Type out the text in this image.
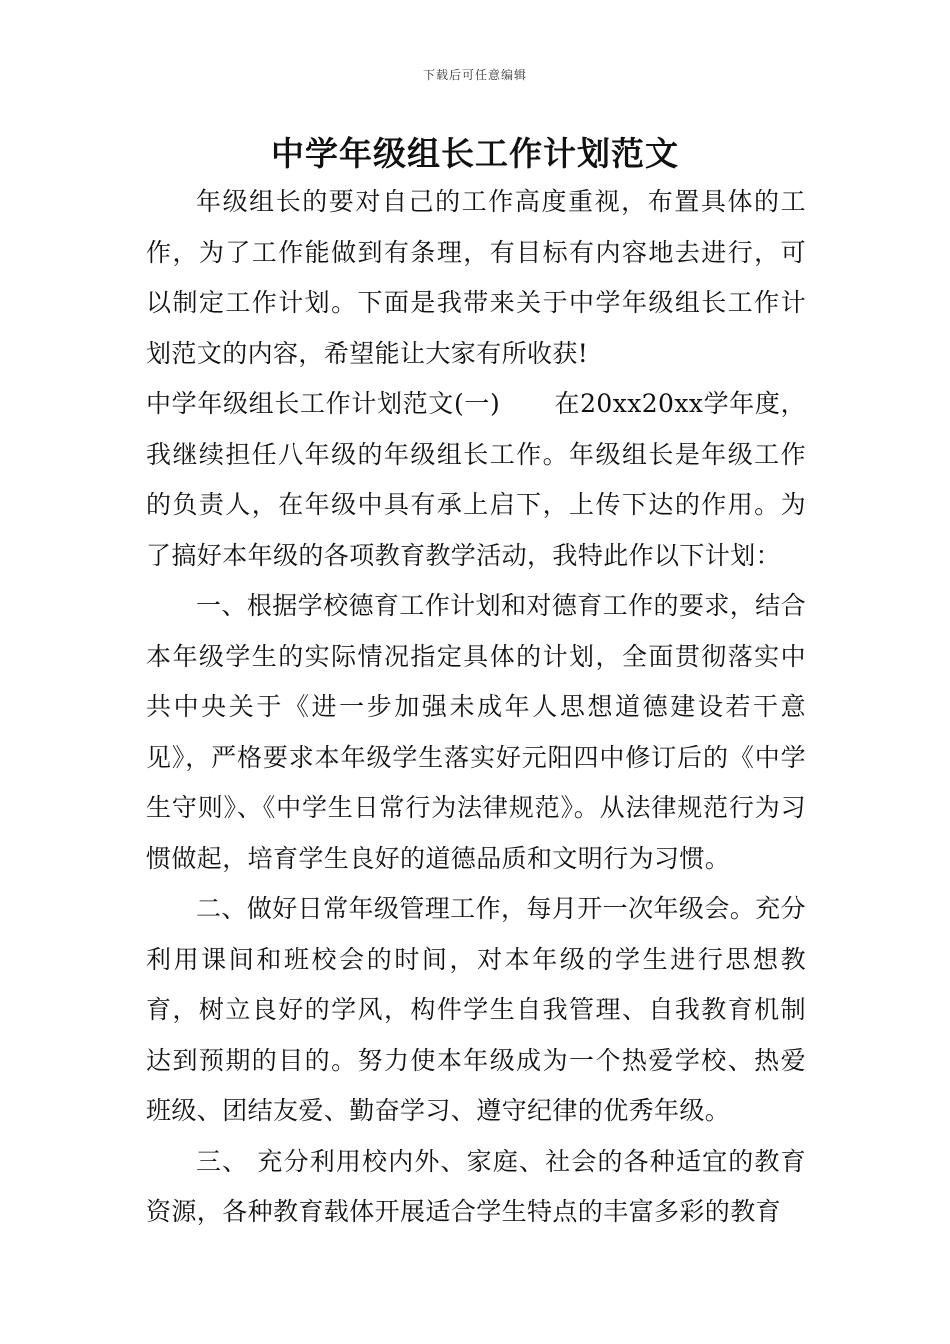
下载后可任意编辑
中学年级组长工作计划范文

年级组长的要对自己的工作高度重视，布置具体的工作，为了工作能做到有条理，有目标有内容地去进行，可以制定工作计划。下面是我带来关于中学年级组长工作计划范文的内容，希望能让大家有所收获!

中学年级组长工作计划范文(一) 在20xx20xx学年度，我继续担任八年级的年级组长工作。年级组长是年级工作的负责人，在年级中具有承上启下，上传下达的作用。为了搞好本年级的各项教育教学活动，我特此作以下计划：

一、根据学校德育工作计划和对德育工作的要求，结合本年级学生的实际情况指定具体的计划，全面贯彻落实中共中央关于《进一步加强未成年人思想道德建设若干意见》，严格要求本年级学生落实好元阳四中修订后的《中学生守则》、《中学生日常行为法律规范》。从法律规范行为习惯做起，培育学生良好的道德品质和文明行为习惯。

二、做好日常年级管理工作，每月开一次年级会。充分利用课间和班校会的时间，对本年级的学生进行思想教育，树立良好的学风，构件学生自我管理、自我教育机制达到预期的目的。努力使本年级成为一个热爱学校、热爱班级、团结友爱、勤奋学习、遵守纪律的优秀年级。

三、 充分利用校内外、家庭、社会的各种适宜的教育资源，各种教育载体开展适合学生特点的丰富多彩的教育
